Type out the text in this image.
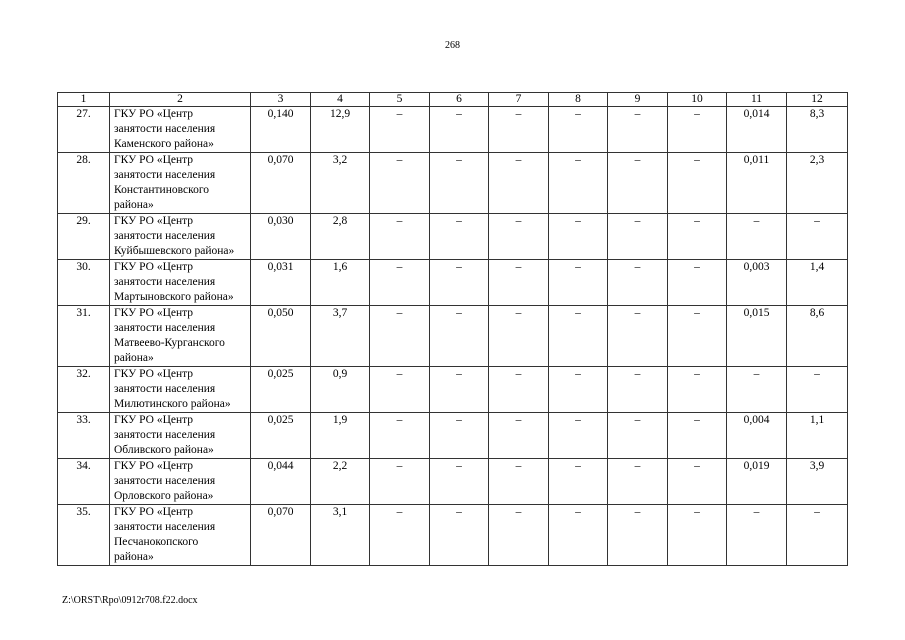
268
1	2	3	4	5	6	7	8	9	10	11	12
27.	ГКУ РО «Центр
занятости населения
Каменского района»	0,140	12,9	–	–	–	–	–	–	0,014	8,3
28.	ГКУ РО «Центр
занятости населения
Константиновского
района»	0,070	3,2	–	–	–	–	–	–	0,011	2,3
29.	ГКУ РО «Центр
занятости населения
Куйбышевского района»	0,030	2,8	–	–	–	–	–	–	–	–
30.	ГКУ РО «Центр
занятости населения
Мартыновского района»	0,031	1,6	–	–	–	–	–	–	0,003	1,4
31.	ГКУ РО «Центр
занятости населения
Матвеево-Курганского
района»	0,050	3,7	–	–	–	–	–	–	0,015	8,6
32.	ГКУ РО «Центр
занятости населения
Милютинского района»	0,025	0,9	–	–	–	–	–	–	–	–
33.	ГКУ РО «Центр
занятости населения
Обливского района»	0,025	1,9	–	–	–	–	–	–	0,004	1,1
34.	ГКУ РО «Центр
занятости населения
Орловского района»	0,044	2,2	–	–	–	–	–	–	0,019	3,9
35.	ГКУ РО «Центр
занятости населения
Песчанокопского
района»	0,070	3,1	–	–	–	–	–	–	–	–
Z:\ORST\Rpo\0912r708.f22.docx
